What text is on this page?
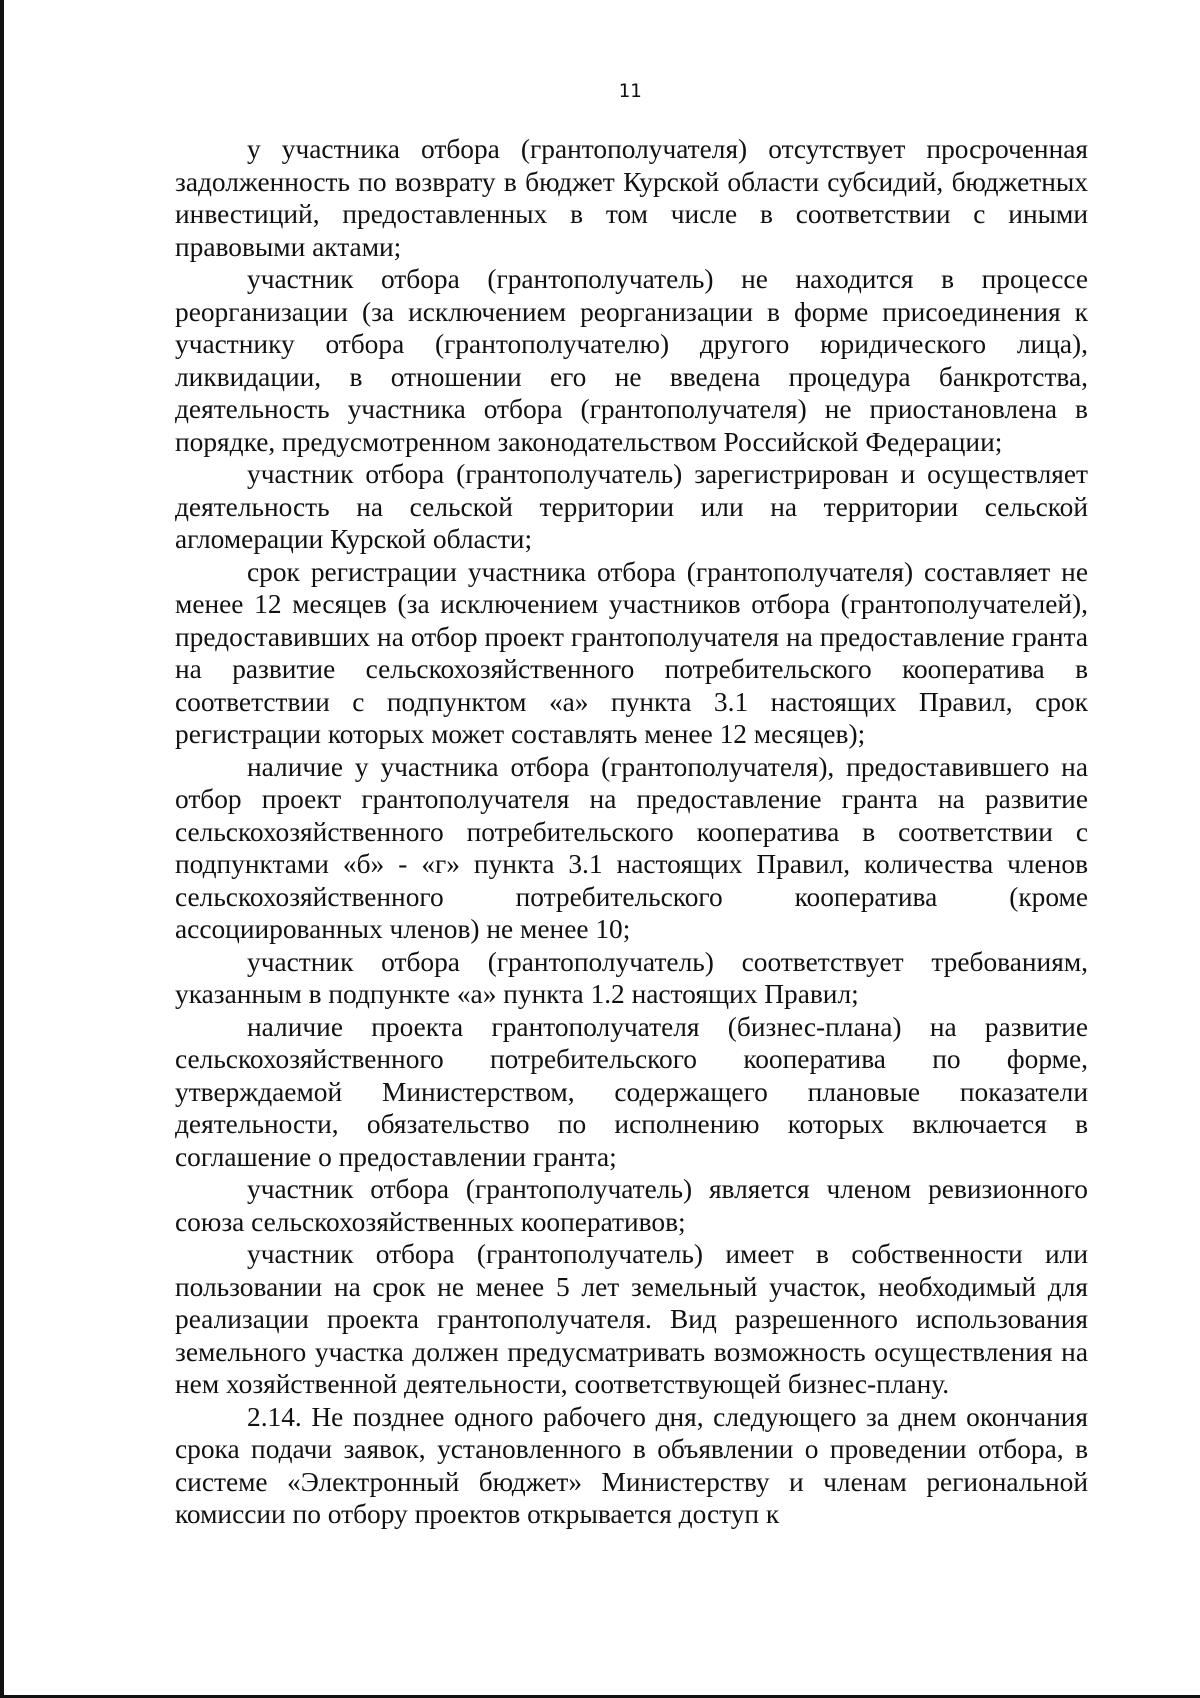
11

у участника отбора (грантополучателя) отсутствует просроченная задолженность по возврату в бюджет Курской области субсидий, бюджетных инвестиций, предоставленных в том числе в соответствии с иными правовыми актами;

участник отбора (грантополучатель) не находится в процессе реорганизации (за исключением реорганизации в форме присоединения к участнику отбора (грантополучателю) другого юридического лица), ликвидации, в отношении его не введена процедура банкротства, деятельность участника отбора (грантополучателя) не приостановлена в порядке, предусмотренном законодательством Российской Федерации;

участник отбора (грантополучатель) зарегистрирован и осуществляет деятельность на сельской территории или на территории сельской агломерации Курской области;

срок регистрации участника отбора (грантополучателя) составляет не менее 12 месяцев (за исключением участников отбора (грантополучателей), предоставивших на отбор проект грантополучателя на предоставление гранта на развитие сельскохозяйственного потребительского кооператива в соответствии с подпунктом «а» пункта 3.1 настоящих Правил, срок регистрации которых может составлять менее 12 месяцев);

наличие у участника отбора (грантополучателя), предоставившего на отбор проект грантополучателя на предоставление гранта на развитие сельскохозяйственного потребительского кооператива в соответствии с подпунктами «б» - «г» пункта 3.1 настоящих Правил, количества членов сельскохозяйственного потребительского кооператива (кроме ассоциированных членов) не менее 10;

участник отбора (грантополучатель) соответствует требованиям, указанным в подпункте «а» пункта 1.2 настоящих Правил;

наличие проекта грантополучателя (бизнес-плана) на развитие сельскохозяйственного потребительского кооператива по форме, утверждаемой Министерством, содержащего плановые показатели деятельности, обязательство по исполнению которых включается в соглашение о предоставлении гранта;

участник отбора (грантополучатель) является членом ревизионного союза сельскохозяйственных кооперативов;

участник отбора (грантополучатель) имеет в собственности или пользовании на срок не менее 5 лет земельный участок, необходимый для реализации проекта грантополучателя. Вид разрешенного использования земельного участка должен предусматривать возможность осуществления на нем хозяйственной деятельности, соответствующей бизнес-плану.

2.14. Не позднее одного рабочего дня, следующего за днем окончания срока подачи заявок, установленного в объявлении о проведении отбора, в системе «Электронный бюджет» Министерству и членам региональной комиссии по отбору проектов открывается доступ к
